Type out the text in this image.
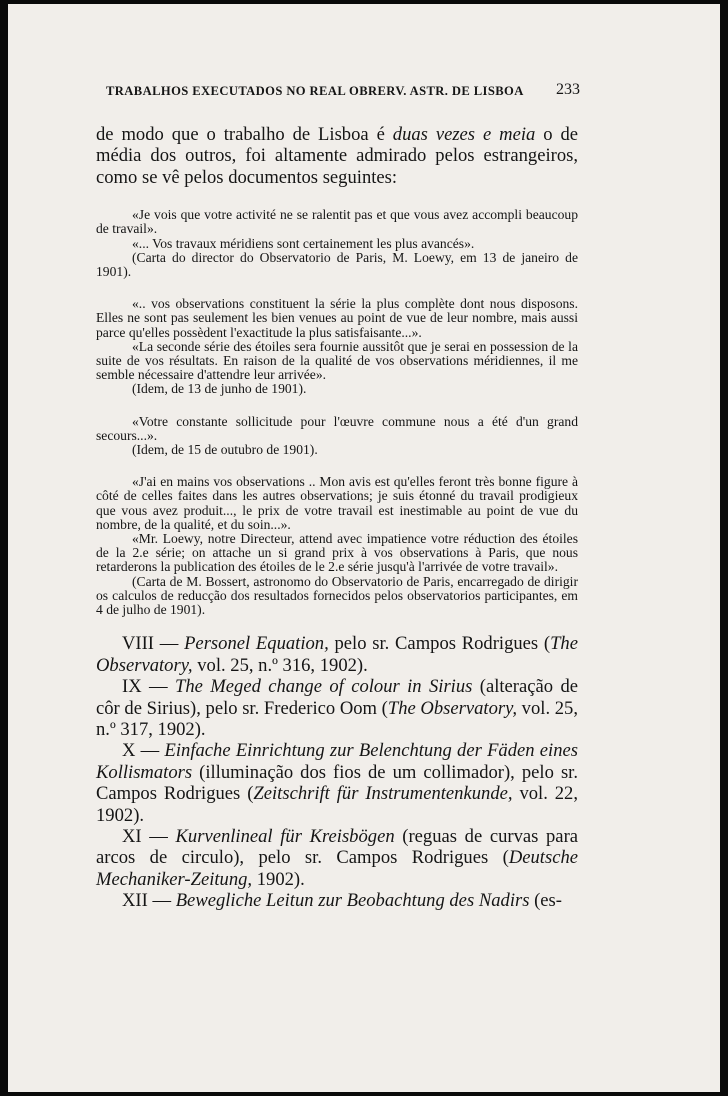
TRABALHOS EXECUTADOS NO REAL OBRERV. ASTR. DE LISBOA 233

de modo que o trabalho de Lisboa é duas vezes e meia o de média dos outros, foi altamente admirado pelos estrangeiros, como se vê pelos documentos seguintes:

«Je vois que votre activité ne se ralentit pas et que vous avez accompli beaucoup de travail».

«... Vos travaux méridiens sont certainement les plus avancés».

(Carta do director do Observatorio de Paris, M. Loewy, em 13 de janeiro de 1901).

«.. vos observations constituent la série la plus complète dont nous disposons. Elles ne sont pas seulement les bien venues au point de vue de leur nombre, mais aussi parce qu'elles possèdent l'exactitude la plus satisfaisante...».

«La seconde série des étoiles sera fournie aussitôt que je serai en possession de la suite de vos résultats. En raison de la qualité de vos observations méridiennes, il me semble nécessaire d'attendre leur arrivée».

(Idem, de 13 de junho de 1901).

«Votre constante sollicitude pour l'œuvre commune nous a été d'un grand secours...».

(Idem, de 15 de outubro de 1901).

«J'ai en mains vos observations .. Mon avis est qu'elles feront très bonne figure à côté de celles faites dans les autres observations; je suis étonné du travail prodigieux que vous avez produit..., le prix de votre travail est inestimable au point de vue du nombre, de la qualité, et du soin...».

«Mr. Loewy, notre Directeur, attend avec impatience votre réduction des étoiles de la 2.e série; on attache un si grand prix à vos observations à Paris, que nous retarderons la publication des étoiles de le 2.e série jusqu'à l'arrivée de votre travail».

(Carta de M. Bossert, astronomo do Observatorio de Paris, encarregado de dirigir os calculos de reducção dos resultados fornecidos pelos observatorios participantes, em 4 de julho de 1901).

VIII — Personel Equation, pelo sr. Campos Rodrigues (The Observatory, vol. 25, n.º 316, 1902).

IX — The Meged change of colour in Sirius (alteração de côr de Sirius), pelo sr. Frederico Oom (The Observatory, vol. 25, n.º 317, 1902).

X — Einfache Einrichtung zur Belenchtung der Fäden eines Kollismators (illuminação dos fios de um collimador), pelo sr. Campos Rodrigues (Zeitschrift für Instrumentenkunde, vol. 22, 1902).

XI — Kurvenlineal für Kreisbögen (reguas de curvas para arcos de circulo), pelo sr. Campos Rodrigues (Deutsche Mechaniker-Zeitung, 1902).

XII — Bewegliche Leitun zur Beobachtung des Nadirs (es-
